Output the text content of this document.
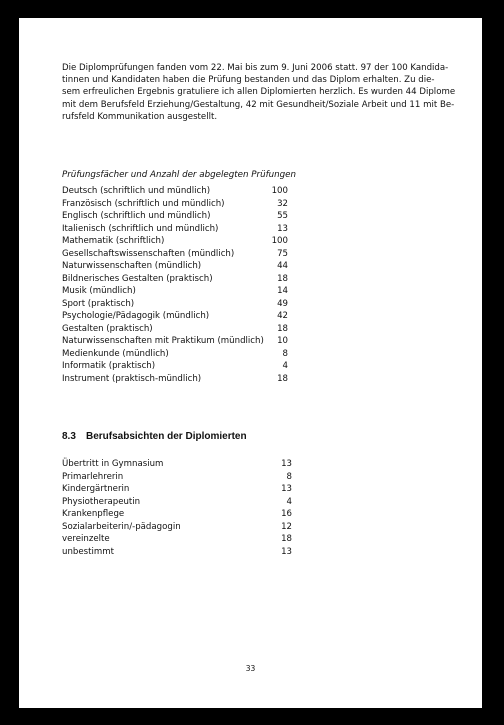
Die Diplomprüfungen fanden vom 22. Mai bis zum 9. Juni 2006 statt. 97 der 100 Kandida-
tinnen und Kandidaten haben die Prüfung bestanden und das Diplom erhalten. Zu die-
sem erfreulichen Ergebnis gratuliere ich allen Diplomierten herzlich. Es wurden 44 Diplome
mit dem Berufsfeld Erziehung/Gestaltung, 42 mit Gesundheit/Soziale Arbeit und 11 mit Be-
rufsfeld Kommunikation ausgestellt.

Prüfungsfächer und Anzahl der abgelegten Prüfungen
Deutsch (schriftlich und mündlich)	100
Französisch (schriftlich und mündlich)	32
Englisch (schriftlich und mündlich)	55
Italienisch (schriftlich und mündlich)	13
Mathematik (schriftlich)	100
Gesellschaftswissenschaften (mündlich)	75
Naturwissenschaften (mündlich)	44
Bildnerisches Gestalten (praktisch)	18
Musik (mündlich)	14
Sport (praktisch)	49
Psychologie/Pädagogik (mündlich)	42
Gestalten (praktisch)	18
Naturwissenschaften mit Praktikum (mündlich)	10
Medienkunde (mündlich)	8
Informatik (praktisch)	4
Instrument (praktisch-mündlich)	18
8.3 Berufsabsichten der Diplomierten
Übertritt in Gymnasium	13
Primarlehrerin	8
Kindergärtnerin	13
Physiotherapeutin	4
Krankenpflege	16
Sozialarbeiterin/-pädagogin	12
vereinzelte	18
unbestimmt	13
33
